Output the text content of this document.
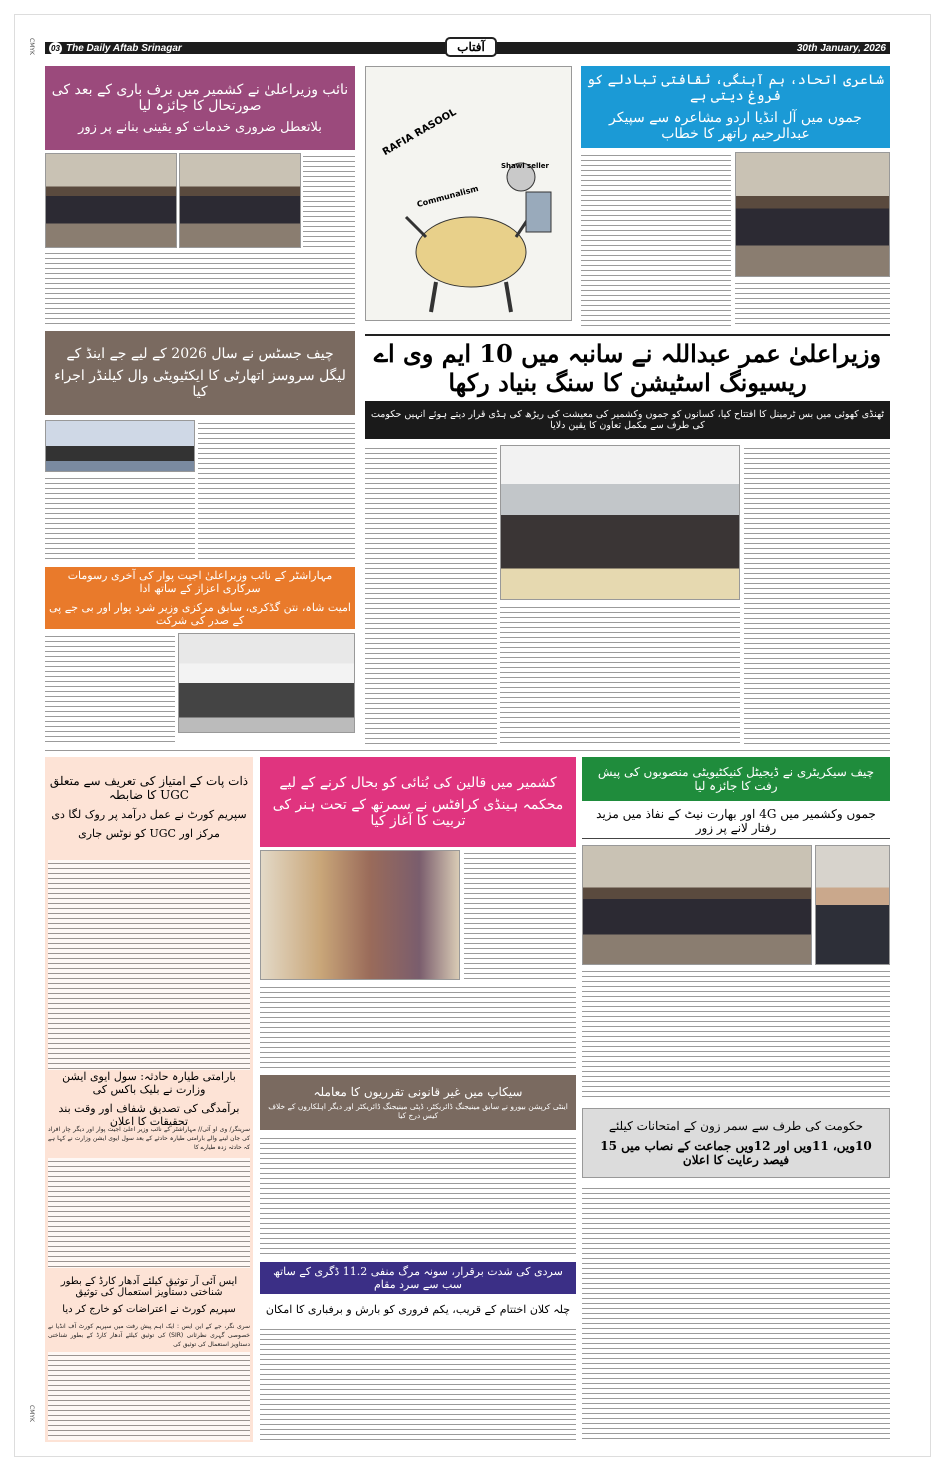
CMYK
CMYK
03 The Daily Aftab Srinagar	30th January, 2026
آفتاب
نائب وزیراعلیٰ نے کشمیر میں برف باری کے بعد کی صورتحال کا جائزہ لیا
بلاتعطل ضروری خدمات کو یقینی بنانے پر زور	RAFIA RASOOL
Communalism
Shawl seller
شاعری اتحاد، ہم آہنگی، ثقافتی تبادلے کو فروغ دیتی ہے
جموں میں آل انڈیا اردو مشاعرہ سے سپیکر عبدالرحیم راتھر کا خطاب
چیف جسٹس نے سال 2026 کے لیے جے اینڈ کے
لیگل سروسز اتھارٹی کا ایکٹیویٹی وال کیلنڈر اجراء کیا
مہاراشٹر کے نائب وزیراعلیٰ اجیت پوار کی آخری رسومات سرکاری اعزاز کے ساتھ ادا
امیت شاہ، نتن گڈکری، سابق مرکزی وزیر شرد پوار اور بی جے پی کے صدر کی شرکت
وزیراعلیٰ عمر عبداللہ نے سانبہ میں 10 ایم وی اے ریسیونگ اسٹیشن کا سنگ بنیاد رکھا
ٹھنڈی کھوئی میں بس ٹرمینل کا افتتاح کیا، کسانوں کو جموں وکشمیر کی معیشت کی ریڑھ کی ہڈی قرار دیتے ہوئے انہیں حکومت کی طرف سے مکمل تعاون کا یقین دلایا
ذات پات کے امتیاز کی تعریف سے متعلق UGC کا ضابطہ
سپریم کورٹ نے عمل درآمد پر روک لگا دی
مرکز اور UGC کو نوٹس جاری
بارامتی طیارہ حادثہ: سول ایوی ایشن وزارت نے بلیک باکس کی
برآمدگی کی تصدیق شفاف اور وقت بند تحقیقات کا اعلان
سرینگر/ وی او آئی// مہاراشٹر کے نائب وزیر اعلیٰ اجیت پوار اور دیگر چار افراد کی جان لینے والے بارامتی طیارہ حادثے کے بعد سول ایوی ایشن وزارت نے کہا ہے کہ حادثہ زدہ طیارے کا
ایس آئی آر توثیق کیلئے آدھار کارڈ کے بطور شناختی دستاویز استعمال کی توثیق
سپریم کورٹ نے اعتراضات کو خارج کر دیا
سری نگر، جے کے این ایس : ایک اہم پیش رفت میں سپریم کورٹ آف انڈیا نے خصوصی گہری نظرثانی (SIR) کی توثیق کیلئے آدھار کارڈ کے بطور شناختی دستاویز استعمال کی توثیق کی
کشمیر میں قالین کی بُنائی کو بحال کرنے کے لیے
محکمہ ہینڈی کرافٹس نے سمرتھ کے تحت ہنر کی تربیت کا آغاز کیا
سیکاپ میں غیر قانونی تقرریوں کا معاملہ
اینٹی کرپشن بیورو نے سابق مینیجنگ ڈائریکٹر، ڈپٹی مینیجنگ ڈائریکٹر اور دیگر اہلکاروں کے خلاف کیس درج کیا
سردی کی شدت برقرار، سونہ مرگ منفی 11.2 ڈگری کے ساتھ سب سے سرد مقام
چلہ کلان اختتام کے قریب، یکم فروری کو بارش و برفباری کا امکان
چیف سیکریٹری نے ڈیجیٹل کنیکٹیویٹی منصوبوں کی پیش رفت کا جائزہ لیا
جموں وکشمیر میں 4G اور بھارت نیٹ کے نفاذ میں مزید رفتار لانے پر زور
حکومت کی طرف سے سمر زون کے امتحانات کیلئے
10ویں، 11ویں اور 12ویں جماعت کے نصاب میں 15 فیصد رعایت کا اعلان
